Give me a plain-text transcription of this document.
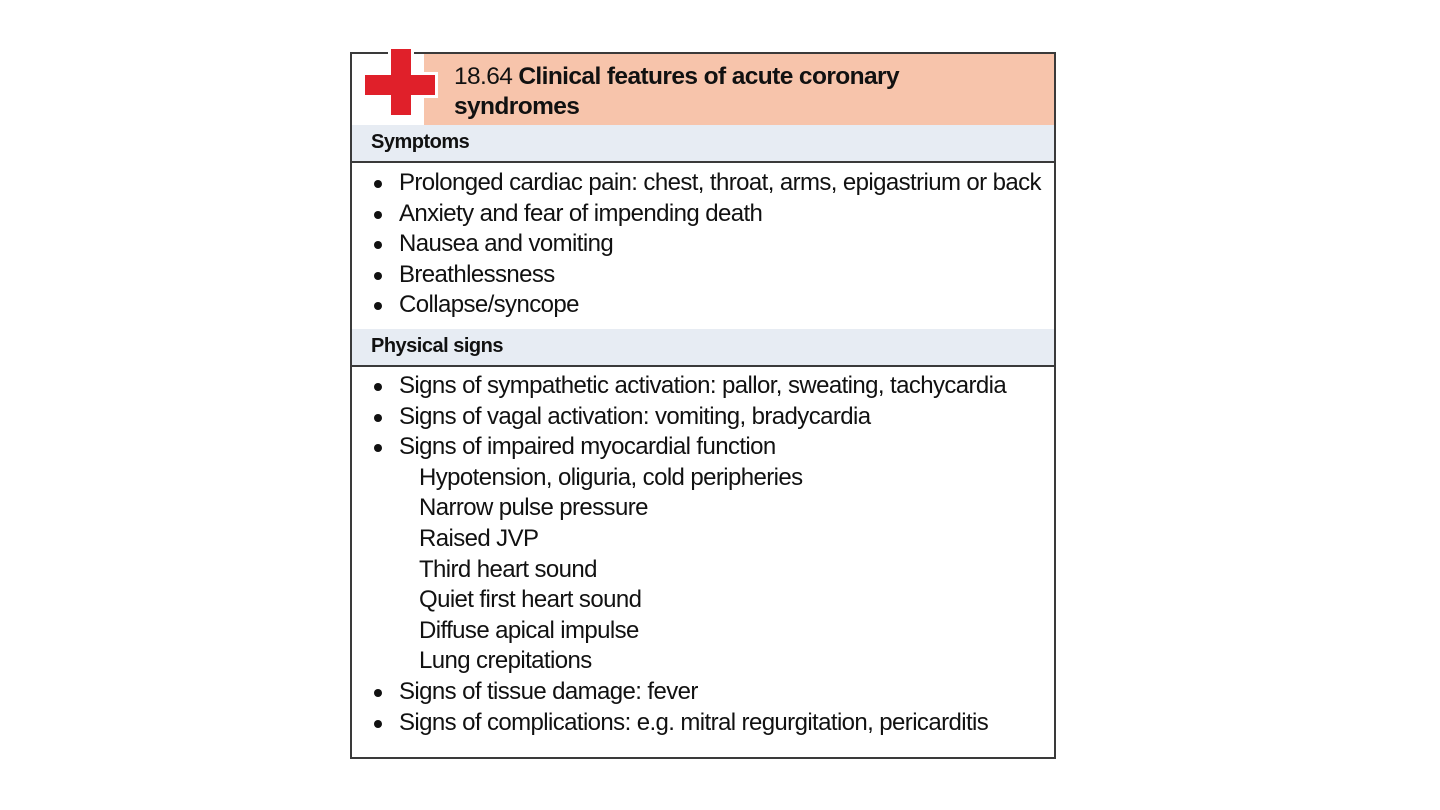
18.64 Clinical features of acute coronary syndromes
Symptoms
Prolonged cardiac pain: chest, throat, arms, epigastrium or back
Anxiety and fear of impending death
Nausea and vomiting
Breathlessness
Collapse/syncope
Physical signs
Signs of sympathetic activation: pallor, sweating, tachycardia
Signs of vagal activation: vomiting, bradycardia
Signs of impaired myocardial function
Hypotension, oliguria, cold peripheries
Narrow pulse pressure
Raised JVP
Third heart sound
Quiet first heart sound
Diffuse apical impulse
Lung crepitations
Signs of tissue damage: fever
Signs of complications: e.g. mitral regurgitation, pericarditis
